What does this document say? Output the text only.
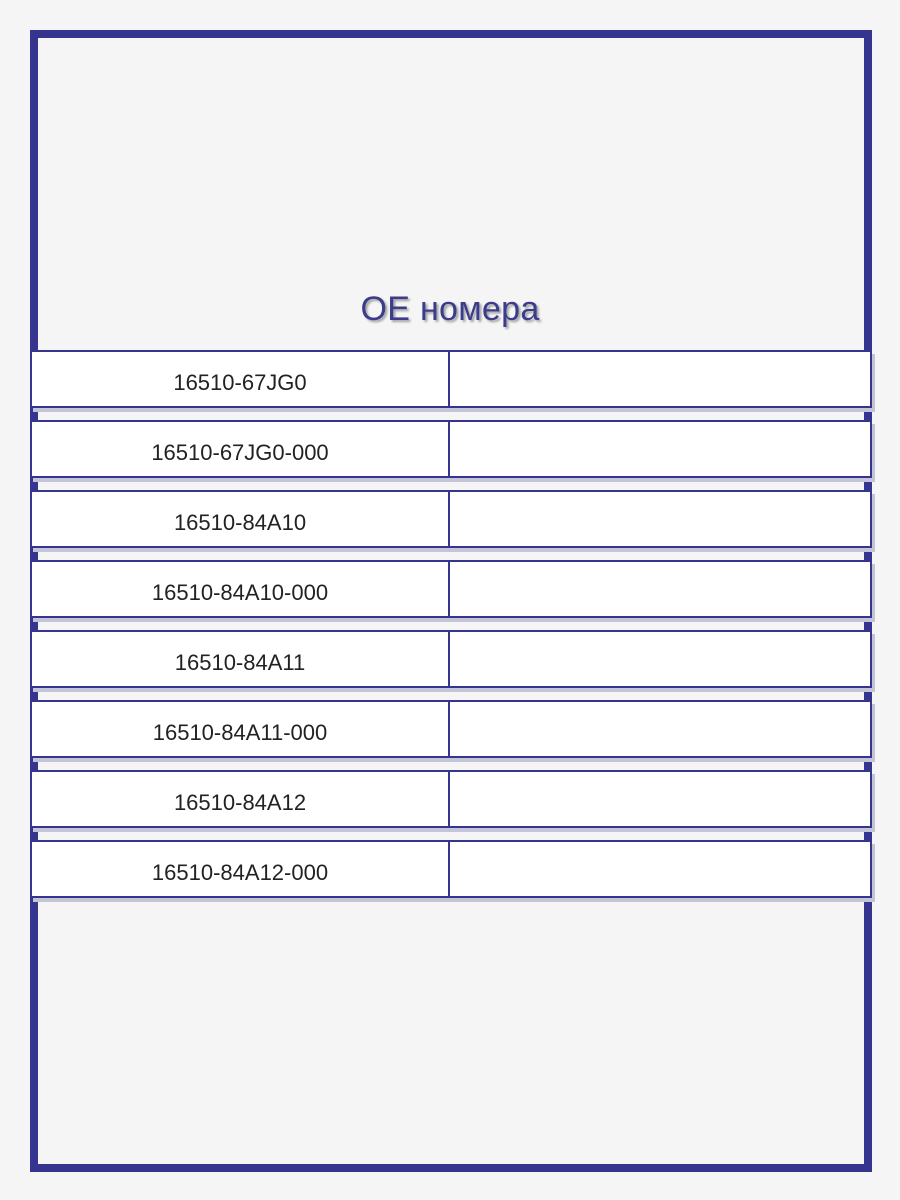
OE номера
16510-67JG0
16510-67JG0-000
16510-84A10
16510-84A10-000
16510-84A11
16510-84A11-000
16510-84A12
16510-84A12-000
